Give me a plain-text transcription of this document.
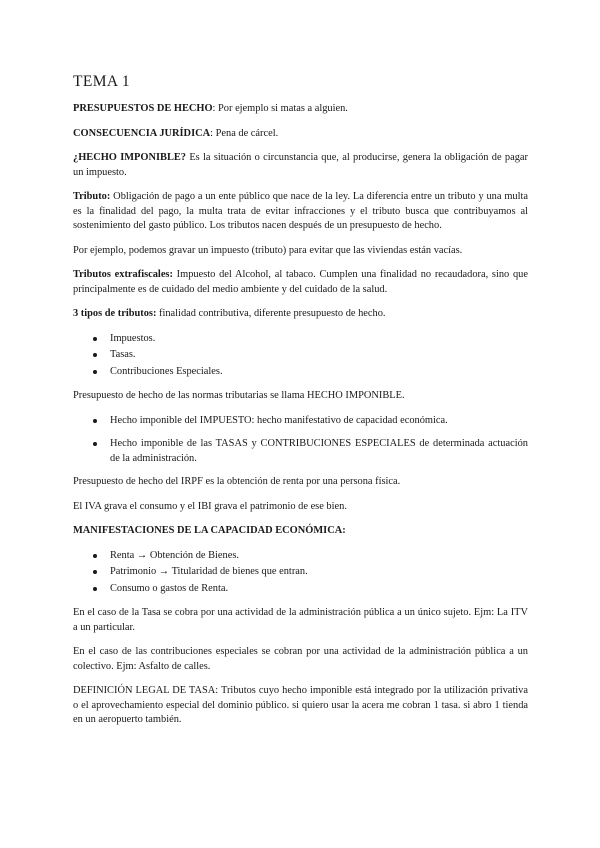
TEMA 1

PRESUPUESTOS DE HECHO: Por ejemplo si matas a alguien.

CONSECUENCIA JURÍDICA: Pena de cárcel.

¿HECHO IMPONIBLE? Es la situación o circunstancia que, al producirse, genera la obligación de pagar un impuesto.

Tributo: Obligación de pago a un ente público que nace de la ley. La diferencia entre un tributo y una multa es la finalidad del pago, la multa trata de evitar infracciones y el tributo busca que contribuyamos al sostenimiento del gasto público. Los tributos nacen después de un presupuesto de hecho.

Por ejemplo, podemos gravar un impuesto (tributo) para evitar que las viviendas están vacías.

Tributos extrafiscales: Impuesto del Alcohol, al tabaco. Cumplen una finalidad no recaudadora, sino que principalmente es de cuidado del medio ambiente y del cuidado de la salud.

3 tipos de tributos: finalidad contributiva, diferente presupuesto de hecho.

Impuestos.
Tasas.
Contribuciones Especiales.

Presupuesto de hecho de las normas tributarias se llama HECHO IMPONIBLE.

Hecho imponible del IMPUESTO: hecho manifestativo de capacidad económica.
Hecho imponible de las TASAS y CONTRIBUCIONES ESPECIALES de determinada actuación de la administración.

Presupuesto de hecho del IRPF es la obtención de renta por una persona física.

El IVA grava el consumo y el IBI grava el patrimonio de ese bien.

MANIFESTACIONES DE LA CAPACIDAD ECONÓMICA:

Renta → Obtención de Bienes.
Patrimonio → Titularidad de bienes que entran.
Consumo o gastos de Renta.

En el caso de la Tasa se cobra por una actividad de la administración pública a un único sujeto. Ejm: La ITV a un particular.

En el caso de las contribuciones especiales se cobran por una actividad de la administración pública a un colectivo. Ejm: Asfalto de calles.

DEFINICIÓN LEGAL DE TASA: Tributos cuyo hecho imponible está integrado por la utilización privativa o el aprovechamiento especial del dominio público. si quiero usar la acera me cobran 1 tasa. si abro 1 tienda en un aeropuerto también.
